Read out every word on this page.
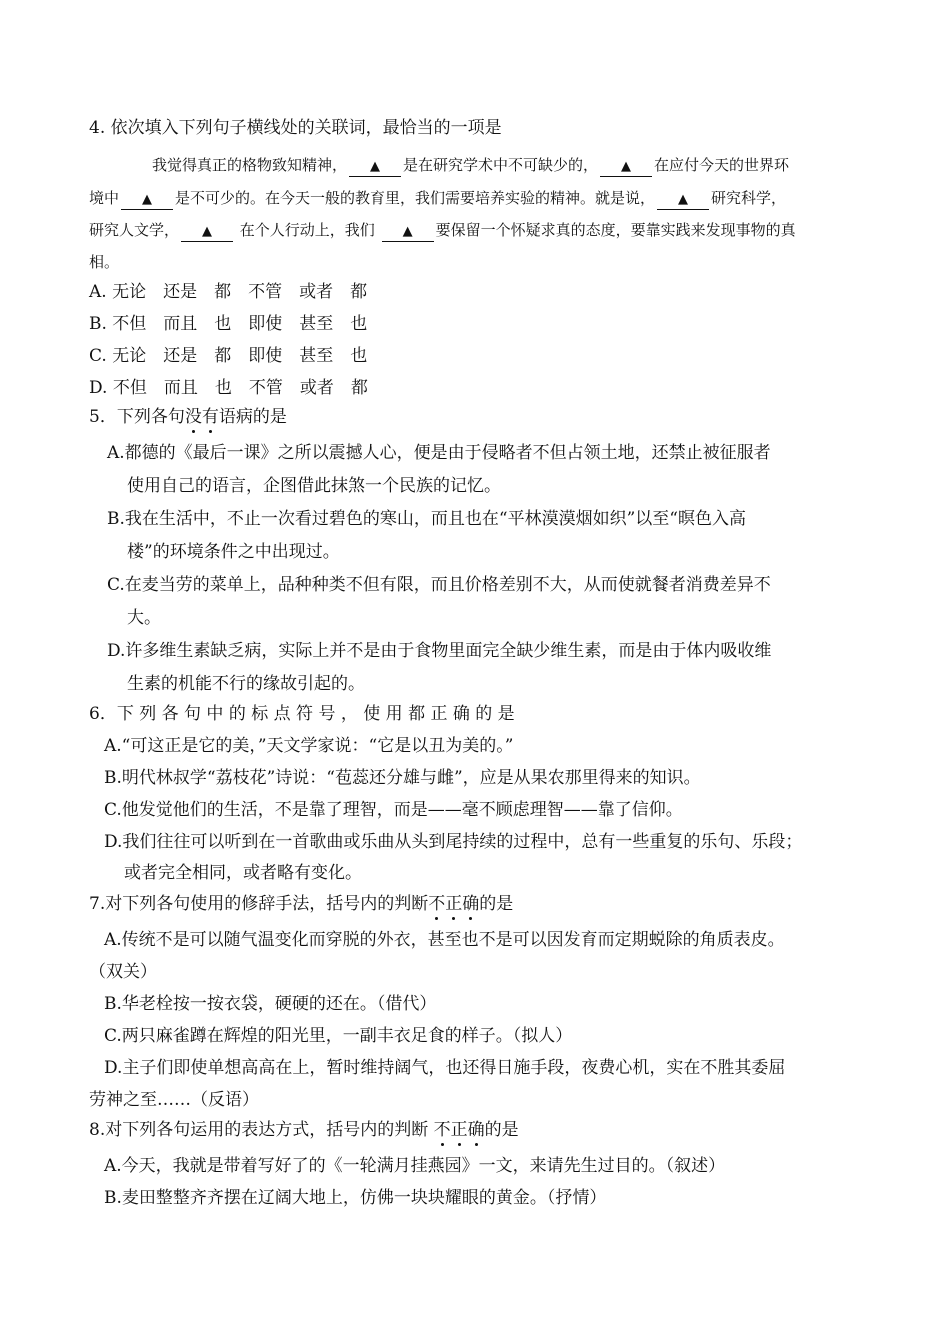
4. 依次填入下列句子横线处的关联词，最恰当的一项是
我觉得真正的格物致知精神， ▲ 是在研究学术中不可缺少的， ▲ 在应付今天的世界环
境中 ▲ 是不可少的。在今天一般的教育里，我们需要培养实验的精神。就是说， ▲ 研究科学，
研究人文学， ▲ 在个人行动上，我们 ▲ 要保留一个怀疑求真的态度，要靠实践来发现事物的真
相。
A. 无论　还是　都　不管　或者　都
B. 不但　而且　也　即使　甚至　也
C. 无论　还是　都　即使　甚至　也
D. 不但　而且　也　不管　或者　都
5．下列各句没有语病的是
A.都德的《最后一课》之所以震撼人心，便是由于侵略者不但占领土地，还禁止被征服者
使用自己的语言，企图借此抹煞一个民族的记忆。
B.我在生活中，不止一次看过碧色的寒山，而且也在“平林漠漠烟如织”以至“暝色入高
楼”的环境条件之中出现过。
C.在麦当劳的菜单上，品种种类不但有限，而且价格差别不大，从而使就餐者消费差异不
大。
D.许多维生素缺乏病，实际上并不是由于食物里面完全缺少维生素，而是由于体内吸收维
生素的机能不行的缘故引起的。
6．下 列 各 句 中 的 标 点 符 号 ， 使 用 都 正 确 的 是
A.“可这正是它的美，”天文学家说：“它是以丑为美的。”
B.明代林叔学“荔枝花”诗说：“苞蕊还分雄与雌”，应是从果农那里得来的知识。
C.他发觉他们的生活，不是靠了理智，而是——毫不顾虑理智——靠了信仰。
D.我们往往可以听到在一首歌曲或乐曲从头到尾持续的过程中，总有一些重复的乐句、乐段；
或者完全相同，或者略有变化。
7.对下列各句使用的修辞手法，括号内的判断不正确的是
A.传统不是可以随气温变化而穿脱的外衣，甚至也不是可以因发育而定期蜕除的角质表皮。
（双关）
B.华老栓按一按衣袋，硬硬的还在。（借代）
C.两只麻雀蹲在辉煌的阳光里，一副丰衣足食的样子。（拟人）
D.主子们即使单想高高在上，暂时维持阔气，也还得日施手段，夜费心机，实在不胜其委屈
劳神之至……（反语）
8.对下列各句运用的表达方式，括号内的判断 不正确的是
A.今天，我就是带着写好了的《一轮满月挂燕园》一文，来请先生过目的。（叙述）
B.麦田整整齐齐摆在辽阔大地上，仿佛一块块耀眼的黄金。（抒情）
